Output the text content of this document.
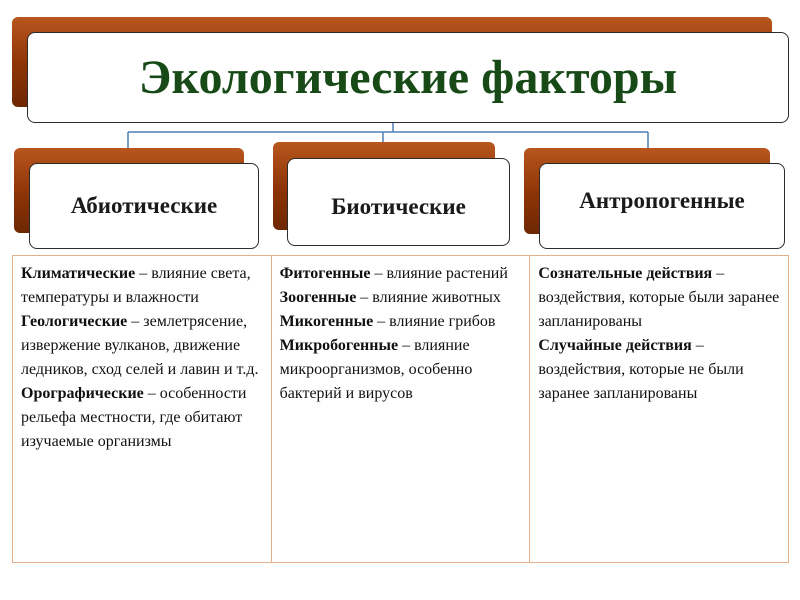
Экологические факторы
Абиотические	Биотические	Антропогенные
Климатические – влияние света, температуры и влажности
Геологические – землетрясение, извержение вулканов, движение ледников, сход селей и лавин и т.д.
Орографические – особенности рельефа местности, где обитают изучаемые организмы

Фитогенные – влияние растений
Зоогенные – влияние животных
Микогенные – влияние грибов
Микробогенные – влияние микроорганизмов, особенно бактерий и вирусов

Сознательные действия – воздействия, которые были заранее запланированы
Случайные действия – воздействия, которые не были заранее запланированы
